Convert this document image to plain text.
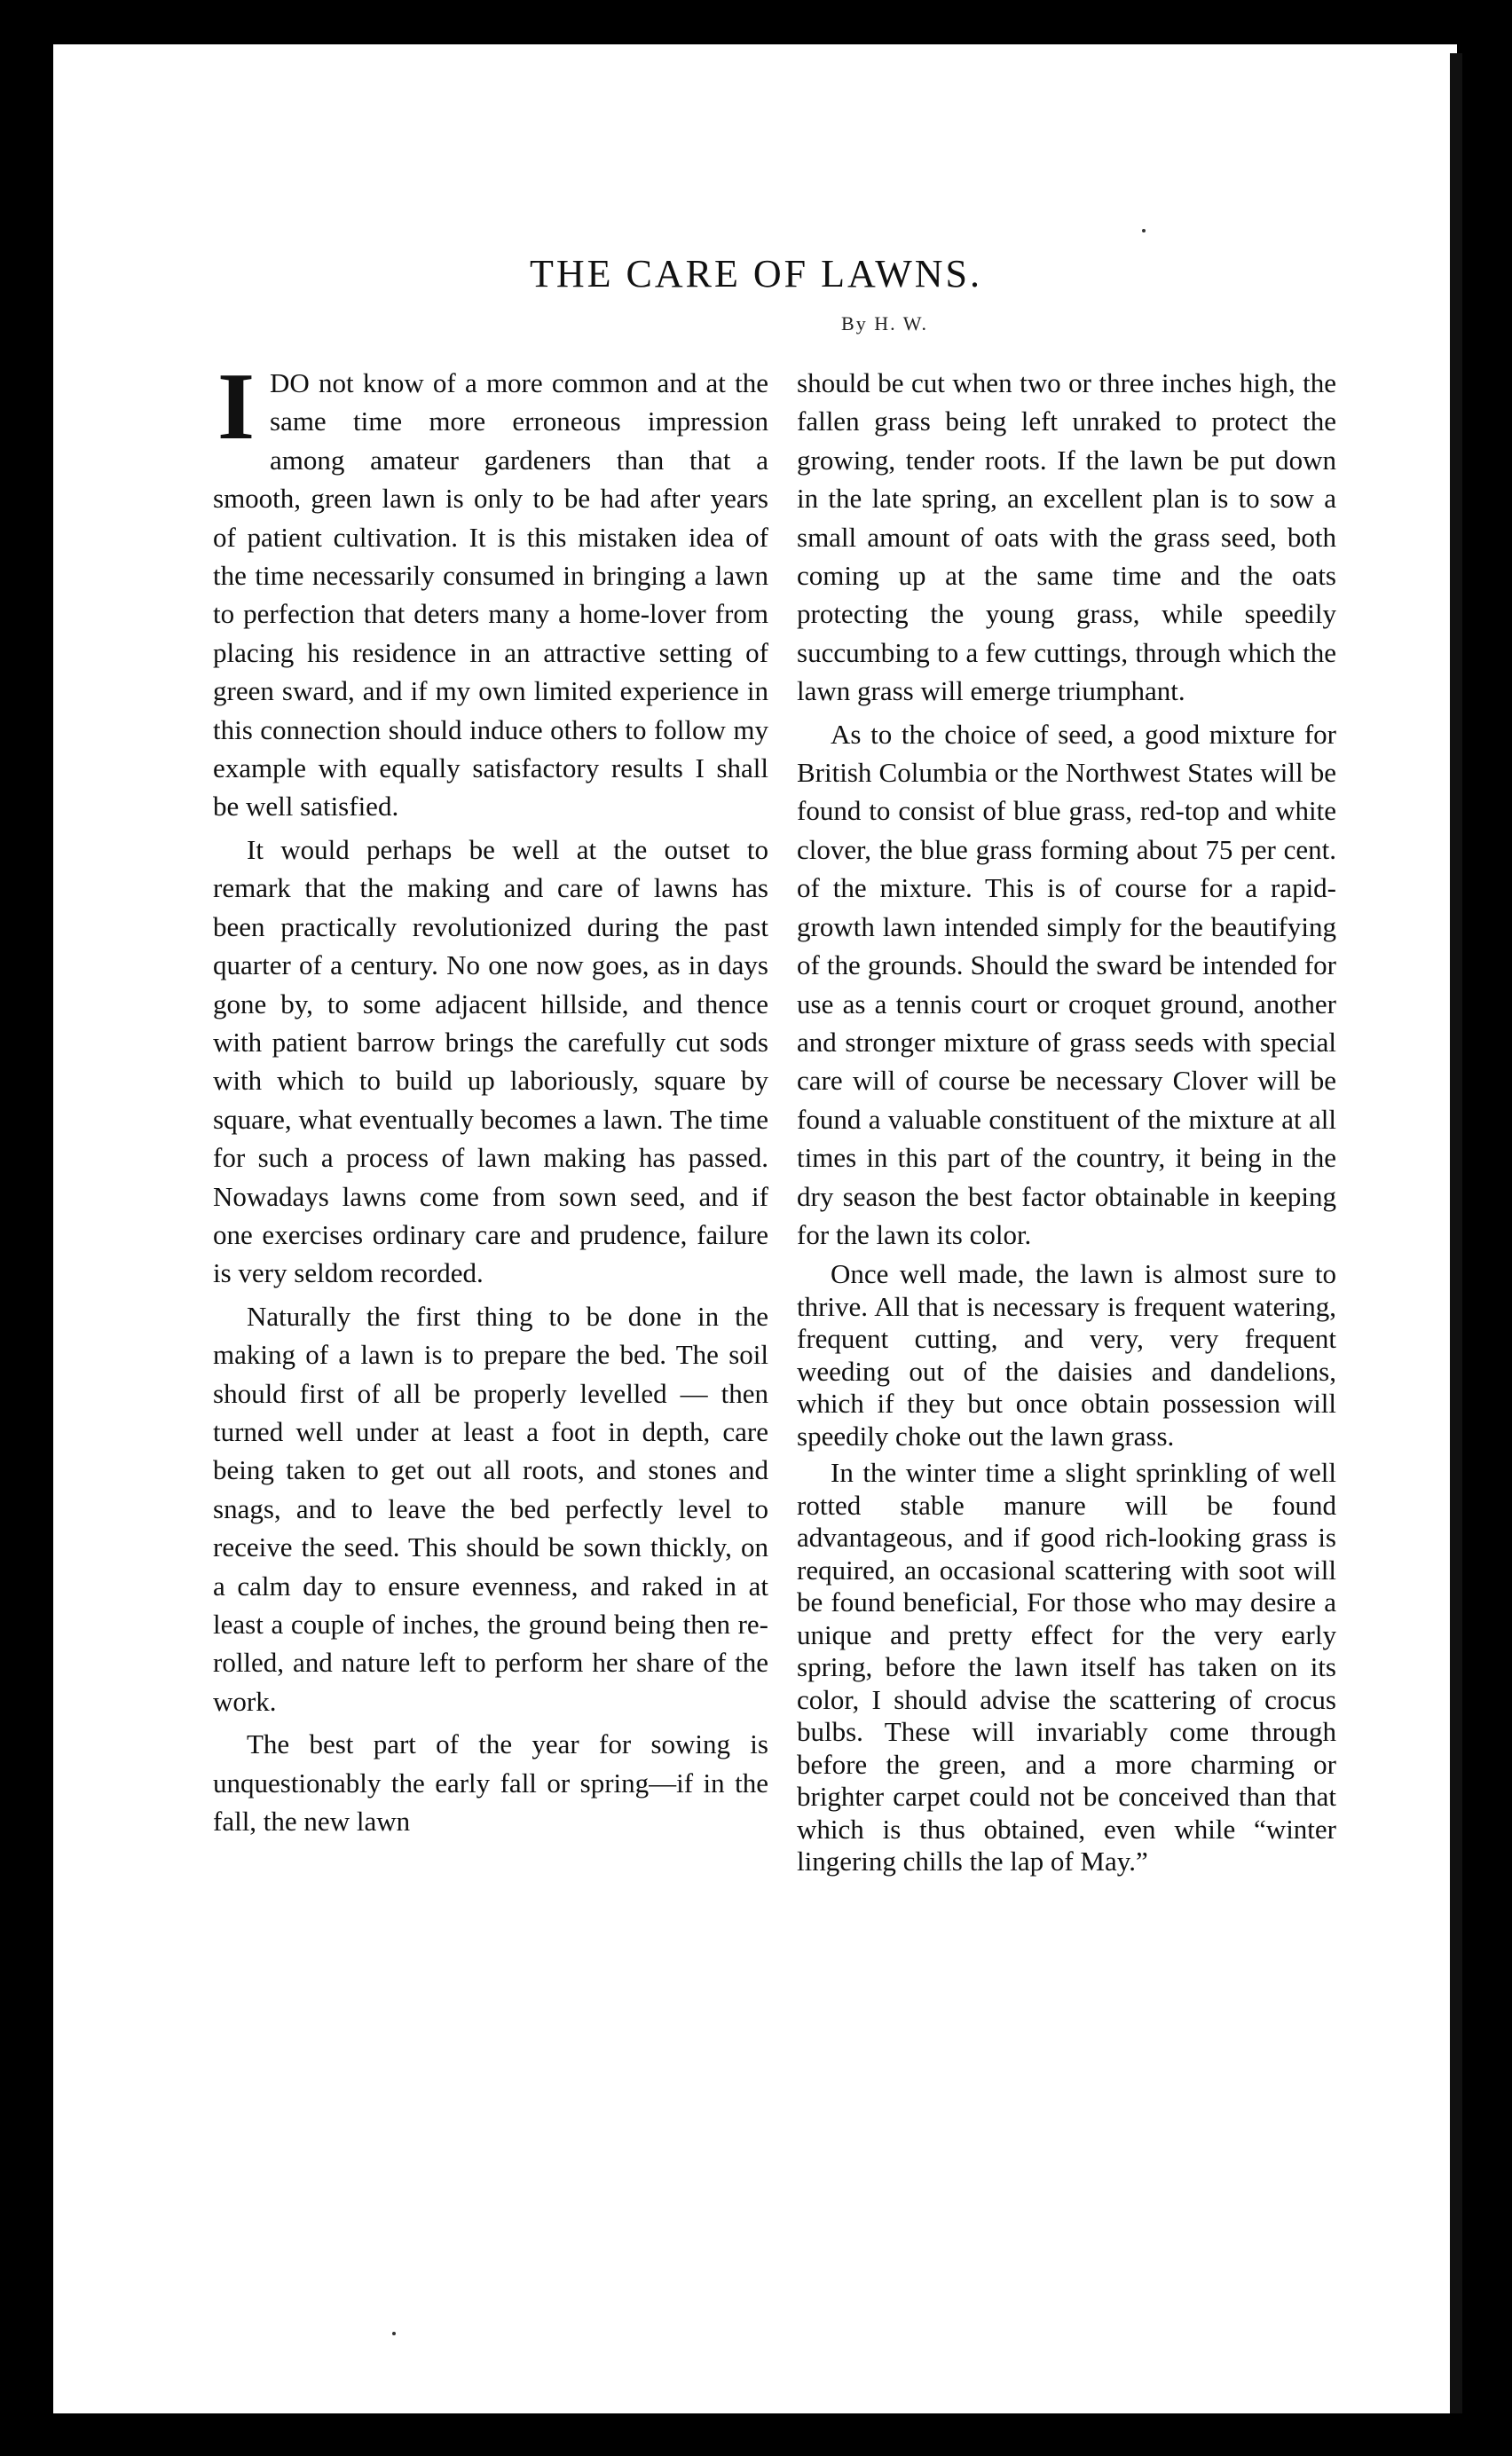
THE CARE OF LAWNS.

By H. W.

I DO not know of a more common and at the same time more erroneous impression among amateur gardeners than that a smooth, green lawn is only to be had after years of patient cultivation. It is this mistaken idea of the time necessarily consumed in bringing a lawn to perfection that deters many a home-lover from placing his residence in an attractive setting of green sward, and if my own limited experience in this connection should induce others to follow my example with equally satisfactory results I shall be well satisfied.

It would perhaps be well at the outset to remark that the making and care of lawns has been practically revolutionized during the past quarter of a century. No one now goes, as in days gone by, to some adjacent hillside, and thence with patient barrow brings the carefully cut sods with which to build up laboriously, square by square, what eventually becomes a lawn. The time for such a process of lawn making has passed. Nowadays lawns come from sown seed, and if one exercises ordinary care and prudence, failure is very seldom recorded.

Naturally the first thing to be done in the making of a lawn is to prepare the bed. The soil should first of all be properly levelled — then turned well under at least a foot in depth, care being taken to get out all roots, and stones and snags, and to leave the bed perfectly level to receive the seed. This should be sown thickly, on a calm day to ensure evenness, and raked in at least a couple of inches, the ground being then re-rolled, and nature left to perform her share of the work.

The best part of the year for sowing is unquestionably the early fall or spring—if in the fall, the new lawn

should be cut when two or three inches high, the fallen grass being left unraked to protect the growing, tender roots. If the lawn be put down in the late spring, an excellent plan is to sow a small amount of oats with the grass seed, both coming up at the same time and the oats protecting the young grass, while speedily succumbing to a few cuttings, through which the lawn grass will emerge triumphant.

As to the choice of seed, a good mixture for British Columbia or the Northwest States will be found to consist of blue grass, red-top and white clover, the blue grass forming about 75 per cent. of the mixture. This is of course for a rapid-growth lawn intended simply for the beautifying of the grounds. Should the sward be intended for use as a tennis court or croquet ground, another and stronger mixture of grass seeds with special care will of course be necessary Clover will be found a valuable constituent of the mixture at all times in this part of the country, it being in the dry season the best factor obtainable in keeping for the lawn its color.

Once well made, the lawn is almost sure to thrive. All that is necessary is frequent watering, frequent cutting, and very, very frequent weeding out of the daisies and dandelions, which if they but once obtain possession will speedily choke out the lawn grass.

In the winter time a slight sprinkling of well rotted stable manure will be found advantageous, and if good rich-looking grass is required, an occasional scattering with soot will be found beneficial, For those who may desire a unique and pretty effect for the very early spring, before the lawn itself has taken on its color, I should advise the scattering of crocus bulbs. These will invariably come through before the green, and a more charming or brighter carpet could not be conceived than that which is thus obtained, even while “winter lingering chills the lap of May.”
